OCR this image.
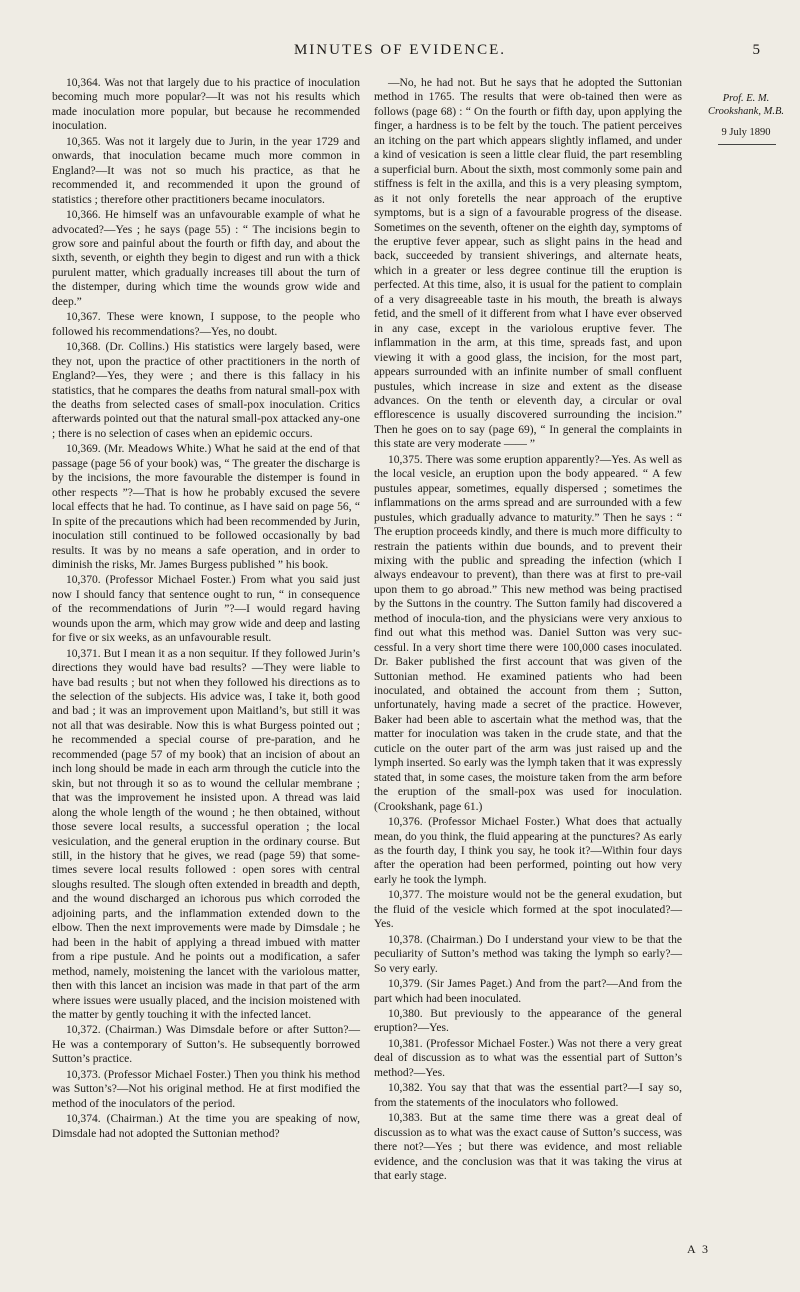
MINUTES OF EVIDENCE.	5
Prof. E. M. Crookshank, M.B.
9 July 1890

10,364. Was not that largely due to his practice of inoculation becoming much more popular?—It was not his results which made inoculation more popular, but because he recommended inoculation.

10,365. Was not it largely due to Jurin, in the year 1729 and onwards, that inoculation became much more common in England?—It was not so much his practice, as that he recommended it, and recommended it upon the ground of statistics ; therefore other practitioners became inoculators.

10,366. He himself was an unfavourable example of what he advocated?—Yes ; he says (page 55) : “ The incisions begin to grow sore and painful about the fourth or fifth day, and about the sixth, seventh, or eighth they begin to digest and run with a thick purulent matter, which gradually increases till about the turn of the distemper, during which time the wounds grow wide and deep.”

10,367. These were known, I suppose, to the people who followed his recommendations?—Yes, no doubt.

10,368. (Dr. Collins.) His statistics were largely based, were they not, upon the practice of other practitioners in the north of England?—Yes, they were ; and there is this fallacy in his statistics, that he compares the deaths from natural small-pox with the deaths from selected cases of small-pox inoculation. Critics afterwards pointed out that the natural small-pox attacked any-one ; there is no selection of cases when an epidemic occurs.

10,369. (Mr. Meadows White.) What he said at the end of that passage (page 56 of your book) was, “ The greater the discharge is by the incisions, the more favourable the distemper is found in other respects ”?—That is how he probably excused the severe local effects that he had. To continue, as I have said on page 56, “ In spite of the precautions which had been recommended by Jurin, inoculation still continued to be followed occasionally by bad results. It was by no means a safe operation, and in order to diminish the risks, Mr. James Burgess published ” his book.

10,370. (Professor Michael Foster.) From what you said just now I should fancy that sentence ought to run, “ in consequence of the recommendations of Jurin ”?—I would regard having wounds upon the arm, which may grow wide and deep and lasting for five or six weeks, as an unfavourable result.

10,371. But I mean it as a non sequitur. If they followed Jurin’s directions they would have bad results? —They were liable to have bad results ; but not when they followed his directions as to the selection of the subjects. His advice was, I take it, both good and bad ; it was an improvement upon Maitland’s, but still it was not all that was desirable. Now this is what Burgess pointed out ; he recommended a special course of pre-paration, and he recommended (page 57 of my book) that an incision of about an inch long should be made in each arm through the cuticle into the skin, but not through it so as to wound the cellular membrane ; that was the improvement he insisted upon. A thread was laid along the whole length of the wound ; he then obtained, without those severe local results, a successful operation ; the local vesiculation, and the general eruption in the ordinary course. But still, in the history that he gives, we read (page 59) that some-times severe local results followed : open sores with central sloughs resulted. The slough often extended in breadth and depth, and the wound discharged an ichorous pus which corroded the adjoining parts, and the inflammation extended down to the elbow. Then the next improvements were made by Dimsdale ; he had been in the habit of applying a thread imbued with matter from a ripe pustule. And he points out a modification, a safer method, namely, moistening the lancet with the variolous matter, then with this lancet an incision was made in that part of the arm where issues were usually placed, and the incision moistened with the matter by gently touching it with the infected lancet.

10,372. (Chairman.) Was Dimsdale before or after Sutton?—He was a contemporary of Sutton’s. He subsequently borrowed Sutton’s practice.

10,373. (Professor Michael Foster.) Then you think his method was Sutton’s?—Not his original method. He at first modified the method of the inoculators of the period.

10,374. (Chairman.) At the time you are speaking of now, Dimsdale had not adopted the Suttonian method?

—No, he had not. But he says that he adopted the Suttonian method in 1765. The results that were ob-tained then were as follows (page 68) : “ On the fourth or fifth day, upon applying the finger, a hardness is to be felt by the touch. The patient perceives an itching on the part which appears slightly inflamed, and under a kind of vesication is seen a little clear fluid, the part resembling a superficial burn. About the sixth, most commonly some pain and stiffness is felt in the axilla, and this is a very pleasing symptom, as it not only foretells the near approach of the eruptive symptoms, but is a sign of a favourable progress of the disease. Sometimes on the seventh, oftener on the eighth day, symptoms of the eruptive fever appear, such as slight pains in the head and back, succeeded by transient shiverings, and alternate heats, which in a greater or less degree continue till the eruption is perfected. At this time, also, it is usual for the patient to complain of a very disagreeable taste in his mouth, the breath is always fetid, and the smell of it different from what I have ever observed in any case, except in the variolous eruptive fever. The inflammation in the arm, at this time, spreads fast, and upon viewing it with a good glass, the incision, for the most part, appears surrounded with an infinite number of small confluent pustules, which increase in size and extent as the disease advances. On the tenth or eleventh day, a circular or oval efflorescence is usually discovered surrounding the incision.” Then he goes on to say (page 69), “ In general the complaints in this state are very moderate —— ”

10,375. There was some eruption apparently?—Yes. As well as the local vesicle, an eruption upon the body appeared. “ A few pustules appear, sometimes, equally dispersed ; sometimes the inflammations on the arms spread and are surrounded with a few pustules, which gradually advance to maturity.” Then he says : “ The eruption proceeds kindly, and there is much more difficulty to restrain the patients within due bounds, and to prevent their mixing with the public and spreading the infection (which I always endeavour to prevent), than there was at first to pre-vail upon them to go abroad.” This new method was being practised by the Suttons in the country. The Sutton family had discovered a method of inocula-tion, and the physicians were very anxious to find out what this method was. Daniel Sutton was very suc-cessful. In a very short time there were 100,000 cases inoculated. Dr. Baker published the first account that was given of the Suttonian method. He examined patients who had been inoculated, and obtained the account from them ; Sutton, unfortunately, having made a secret of the practice. However, Baker had been able to ascertain what the method was, that the matter for inoculation was taken in the crude state, and that the cuticle on the outer part of the arm was just raised up and the lymph inserted. So early was the lymph taken that it was expressly stated that, in some cases, the moisture taken from the arm before the eruption of the small-pox was used for inoculation. (Crookshank, page 61.)

10,376. (Professor Michael Foster.) What does that actually mean, do you think, the fluid appearing at the punctures? As early as the fourth day, I think you say, he took it?—Within four days after the operation had been performed, pointing out how very early he took the lymph.

10,377. The moisture would not be the general exudation, but the fluid of the vesicle which formed at the spot inoculated?—Yes.

10,378. (Chairman.) Do I understand your view to be that the peculiarity of Sutton’s method was taking the lymph so early?—So very early.

10,379. (Sir James Paget.) And from the part?—And from the part which had been inoculated.

10,380. But previously to the appearance of the general eruption?—Yes.

10,381. (Professor Michael Foster.) Was not there a very great deal of discussion as to what was the essential part of Sutton’s method?—Yes.

10,382. You say that that was the essential part?—I say so, from the statements of the inoculators who followed.

10,383. But at the same time there was a great deal of discussion as to what was the exact cause of Sutton’s success, was there not?—Yes ; but there was evidence, and most reliable evidence, and the conclusion was that it was taking the virus at that early stage.

A 3
